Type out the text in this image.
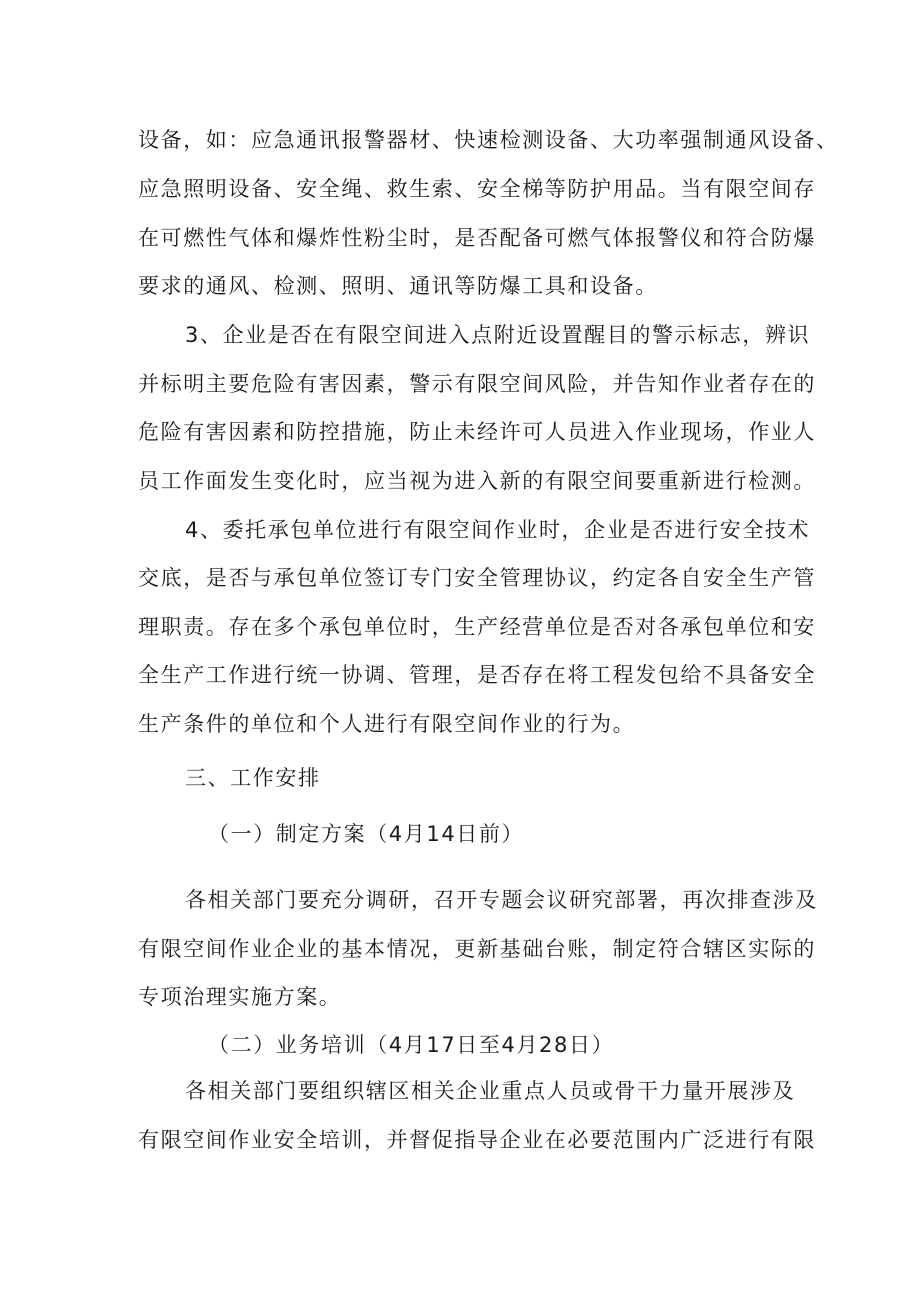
设备，如：应急通讯报警器材、快速检测设备、大功率强制通风设备、
应急照明设备、安全绳、救生索、安全梯等防护用品。当有限空间存
在可燃性气体和爆炸性粉尘时，是否配备可燃气体报警仪和符合防爆
要求的通风、检测、照明、通讯等防爆工具和设备。
3、企业是否在有限空间进入点附近设置醒目的警示标志，辨识
并标明主要危险有害因素，警示有限空间风险，并告知作业者存在的
危险有害因素和防控措施，防止未经许可人员进入作业现场，作业人
员工作面发生变化时，应当视为进入新的有限空间要重新进行检测。
4、委托承包单位进行有限空间作业时，企业是否进行安全技术
交底，是否与承包单位签订专门安全管理协议，约定各自安全生产管
理职责。存在多个承包单位时，生产经营单位是否对各承包单位和安
全生产工作进行统一协调、管理，是否存在将工程发包给不具备安全
生产条件的单位和个人进行有限空间作业的行为。
三、工作安排
（一）制定方案（4月14日前）
各相关部门要充分调研，召开专题会议研究部署，再次排查涉及
有限空间作业企业的基本情况，更新基础台账，制定符合辖区实际的
专项治理实施方案。
（二）业务培训（4月17日至4月28日）
各相关部门要组织辖区相关企业重点人员或骨干力量开展涉及
有限空间作业安全培训，并督促指导企业在必要范围内广泛进行有限
